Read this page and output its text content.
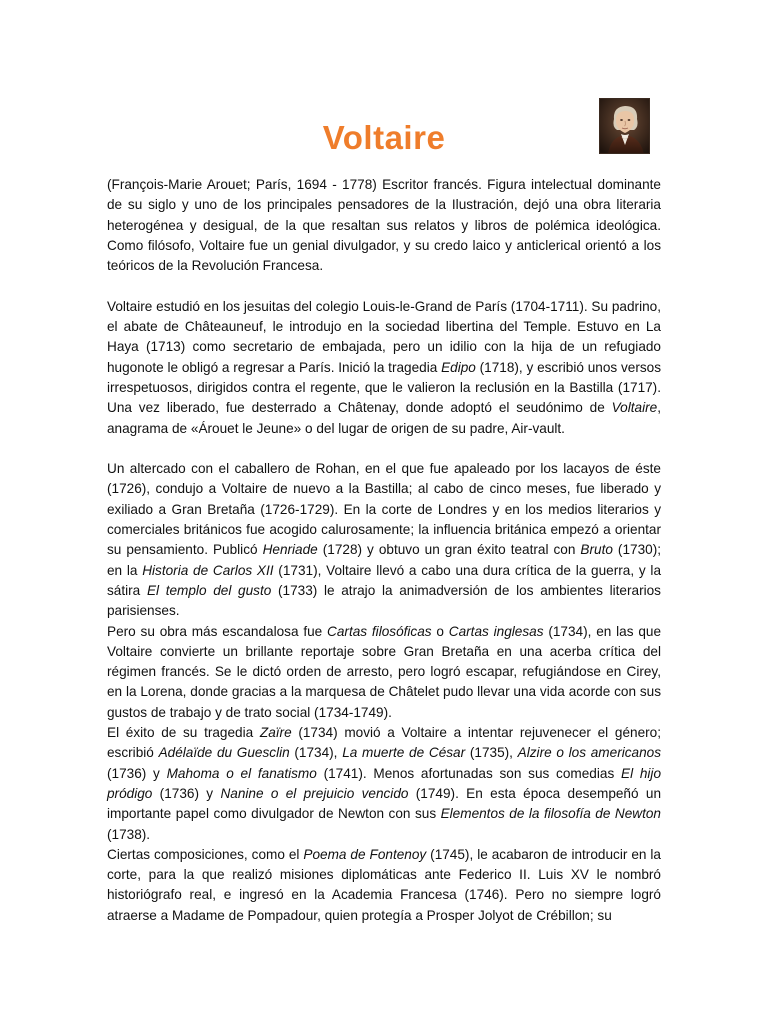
Voltaire

(François-Marie Arouet; París, 1694 - 1778) Escritor francés. Figura intelectual dominante de su siglo y uno de los principales pensadores de la Ilustración, dejó una obra literaria heterogénea y desigual, de la que resaltan sus relatos y libros de polémica ideológica. Como filósofo, Voltaire fue un genial divulgador, y su credo laico y anticlerical orientó a los teóricos de la Revolución Francesa.

Voltaire estudió en los jesuitas del colegio Louis-le-Grand de París (1704-1711). Su padrino, el abate de Châteauneuf, le introdujo en la sociedad libertina del Temple. Estuvo en La Haya (1713) como secretario de embajada, pero un idilio con la hija de un refugiado hugonote le obligó a regresar a París. Inició la tragedia Edipo (1718), y escribió unos versos irrespetuosos, dirigidos contra el regente, que le valieron la reclusión en la Bastilla (1717). Una vez liberado, fue desterrado a Châtenay, donde adoptó el seudónimo de Voltaire, anagrama de «Árouet le Jeune» o del lugar de origen de su padre, Air-vault.

Un altercado con el caballero de Rohan, en el que fue apaleado por los lacayos de éste (1726), condujo a Voltaire de nuevo a la Bastilla; al cabo de cinco meses, fue liberado y exiliado a Gran Bretaña (1726-1729). En la corte de Londres y en los medios literarios y comerciales británicos fue acogido calurosamente; la influencia británica empezó a orientar su pensamiento. Publicó Henriade (1728) y obtuvo un gran éxito teatral con Bruto (1730); en la Historia de Carlos XII (1731), Voltaire llevó a cabo una dura crítica de la guerra, y la sátira El templo del gusto (1733) le atrajo la animadversión de los ambientes literarios parisienses.

Pero su obra más escandalosa fue Cartas filosóficas o Cartas inglesas (1734), en las que Voltaire convierte un brillante reportaje sobre Gran Bretaña en una acerba crítica del régimen francés. Se le dictó orden de arresto, pero logró escapar, refugiándose en Cirey, en la Lorena, donde gracias a la marquesa de Châtelet pudo llevar una vida acorde con sus gustos de trabajo y de trato social (1734-1749).

El éxito de su tragedia Zaïre (1734) movió a Voltaire a intentar rejuvenecer el género; escribió Adélaïde du Guesclin (1734), La muerte de César (1735), Alzire o los americanos (1736) y Mahoma o el fanatismo (1741). Menos afortunadas son sus comedias El hijo pródigo (1736) y Nanine o el prejuicio vencido (1749). En esta época desempeñó un importante papel como divulgador de Newton con sus Elementos de la filosofía de Newton (1738).

Ciertas composiciones, como el Poema de Fontenoy (1745), le acabaron de introducir en la corte, para la que realizó misiones diplomáticas ante Federico II. Luis XV le nombró historiógrafo real, e ingresó en la Academia Francesa (1746). Pero no siempre logró atraerse a Madame de Pompadour, quien protegía a Prosper Jolyot de Crébillon; su
